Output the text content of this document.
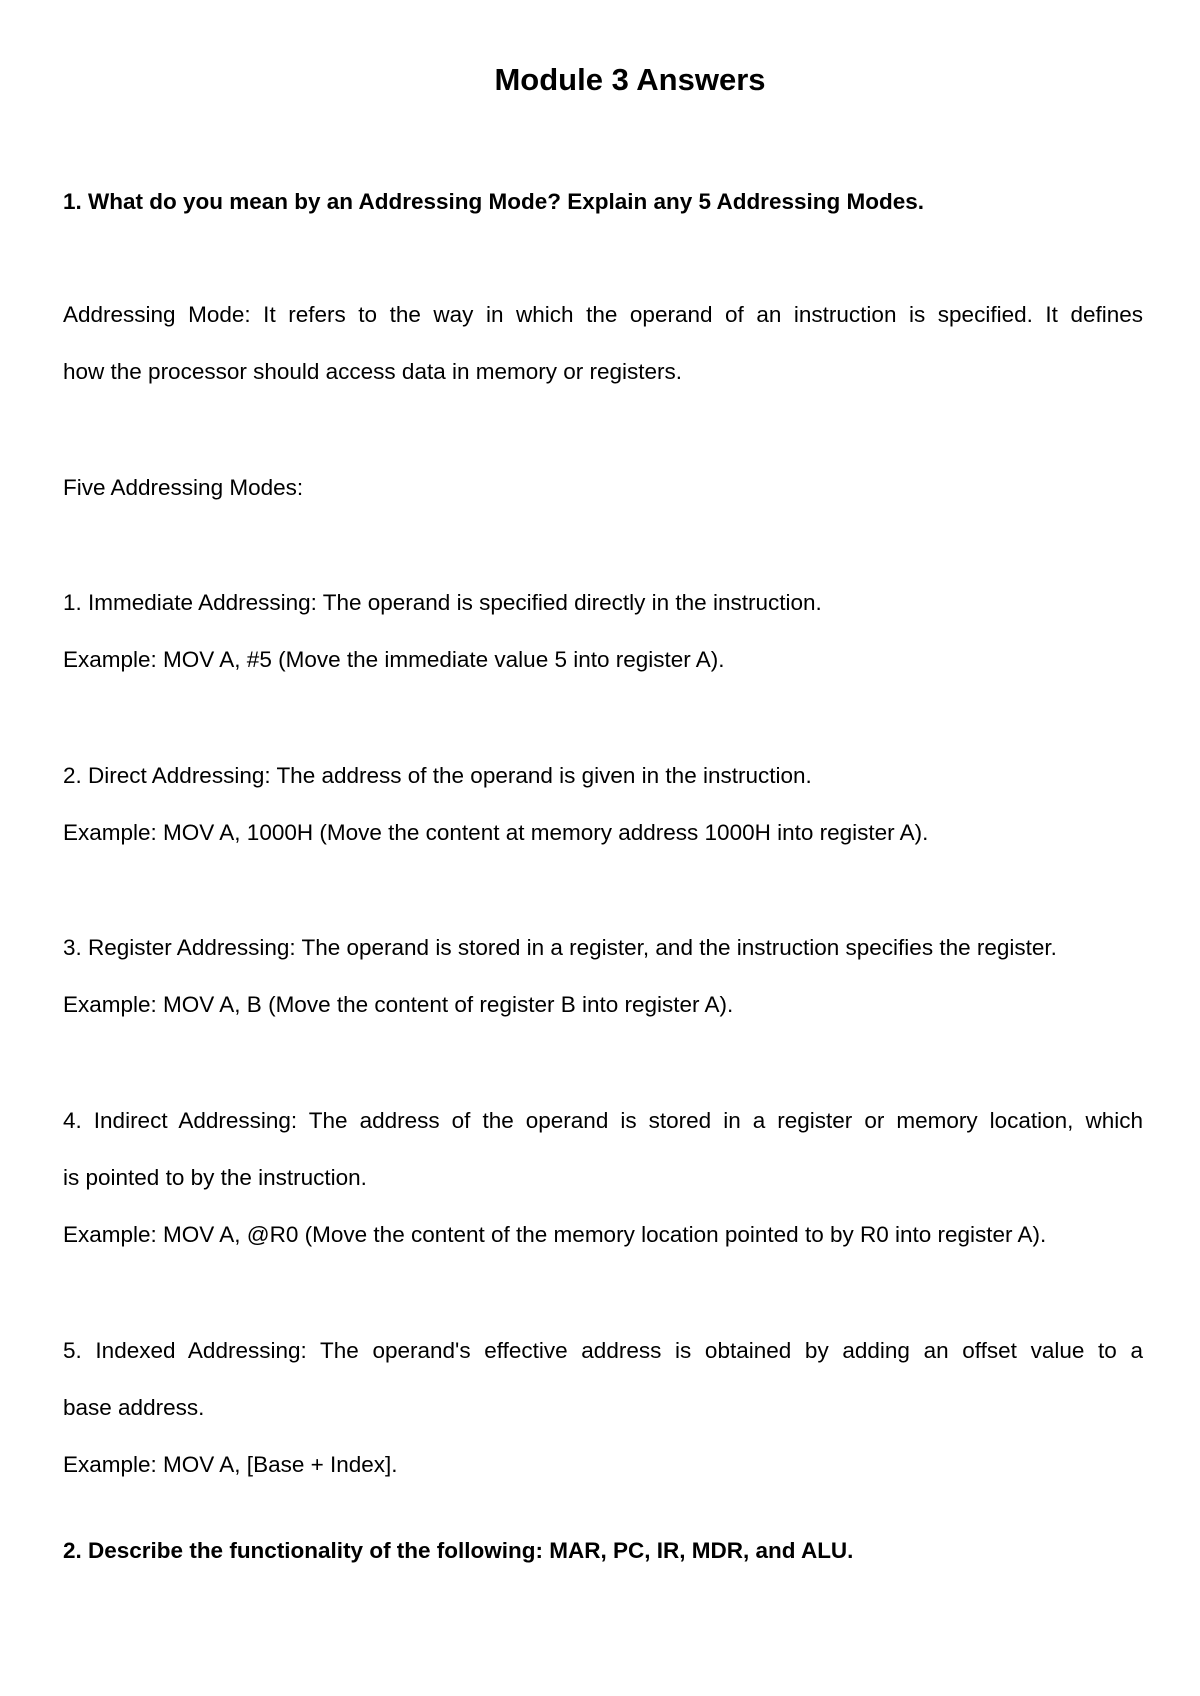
Module 3 Answers

1. What do you mean by an Addressing Mode? Explain any 5 Addressing Modes.

Addressing Mode: It refers to the way in which the operand of an instruction is specified. It defines

how the processor should access data in memory or registers.

Five Addressing Modes:

1. Immediate Addressing: The operand is specified directly in the instruction.

Example: MOV A, #5 (Move the immediate value 5 into register A).

2. Direct Addressing: The address of the operand is given in the instruction.

Example: MOV A, 1000H (Move the content at memory address 1000H into register A).

3. Register Addressing: The operand is stored in a register, and the instruction specifies the register.

Example: MOV A, B (Move the content of register B into register A).

4. Indirect Addressing: The address of the operand is stored in a register or memory location, which

is pointed to by the instruction.

Example: MOV A, @R0 (Move the content of the memory location pointed to by R0 into register A).

5. Indexed Addressing: The operand's effective address is obtained by adding an offset value to a

base address.

Example: MOV A, [Base + Index].

2. Describe the functionality of the following: MAR, PC, IR, MDR, and ALU.
